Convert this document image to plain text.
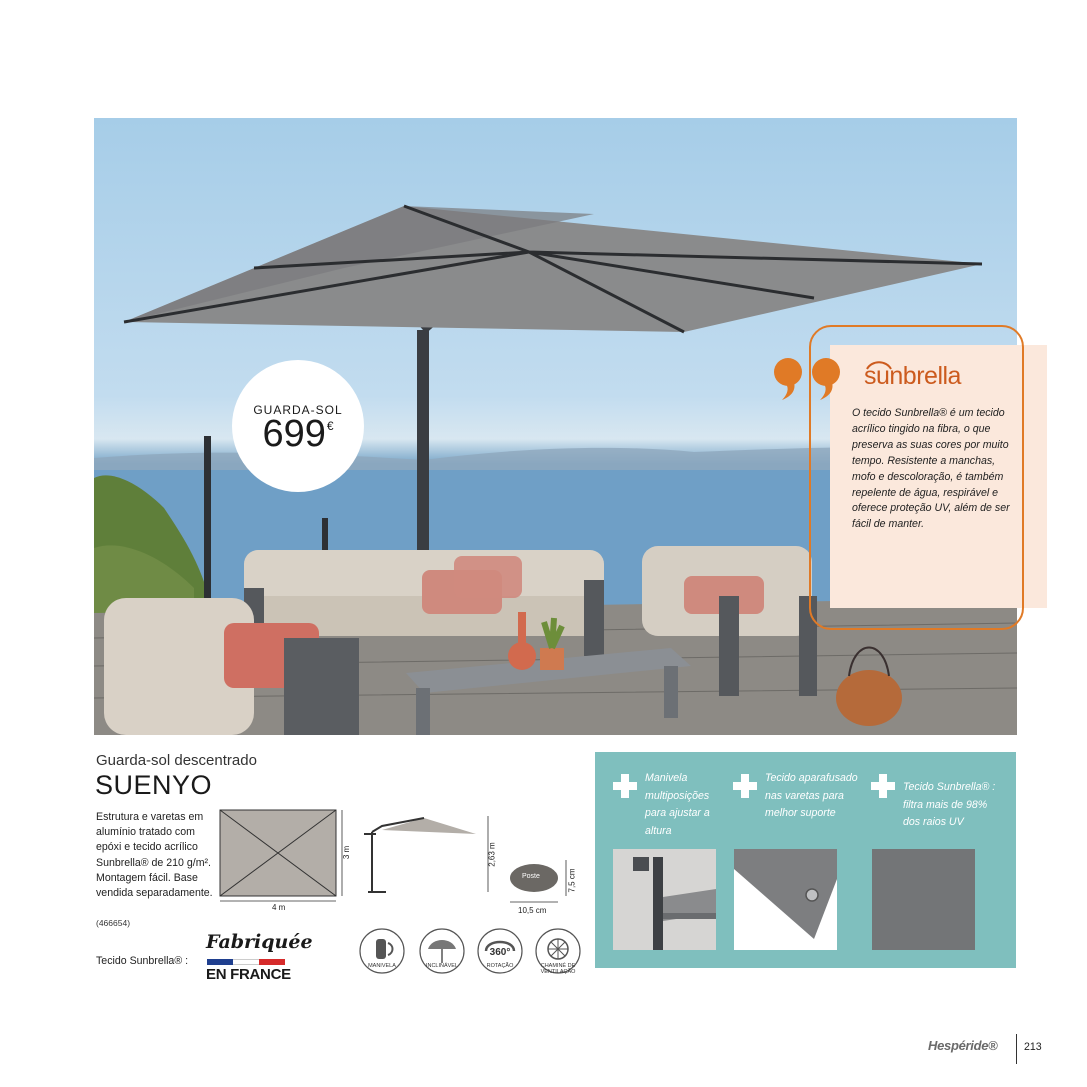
GUARDA-SOL
699 €
sunbrella
O tecido Sunbrella® é um tecido acrílico tingido na fibra, o que preserva as suas cores por muito tempo. Resistente a manchas, mofo e descoloração, é também repelente de água, respirável e oferece proteção UV, além de ser fácil de manter.
Guarda-sol descentrado
SUENYO
Estrutura e varetas em alumínio tratado com epóxi e tecido acrílico Sunbrella® de 210 g/m². Montagem fácil. Base vendida separadamente.
(466654)
Tecido Sunbrella® :
Fabriquée
EN FRANCE
4 m
3 m	2,63 m
Poste	7,5 cm
10,5 cm
MANIVELA	INCLINÁVEL
360°
ROTAÇÃO	CHAMINÉ DE VENTILAÇÃO
Manivela multiposições para ajustar a altura
Tecido aparafusado nas varetas para melhor suporte
Tecido Sunbrella® : filtra mais de 98% dos raios UV
Hespéride®	213
